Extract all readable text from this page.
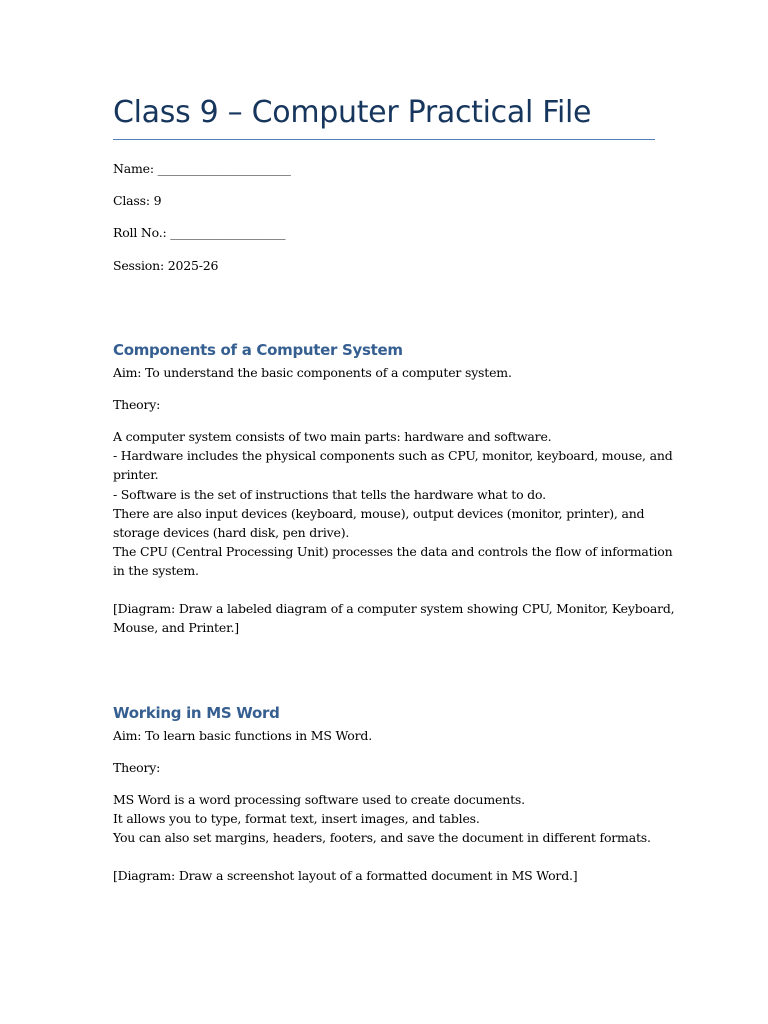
Class 9 – Computer Practical File
Name: ______________________
Class: 9
Roll No.: ___________________
Session: 2025-26
Components of a Computer System
Aim: To understand the basic components of a computer system.
Theory:
A computer system consists of two main parts: hardware and software.
- Hardware includes the physical components such as CPU, monitor, keyboard, mouse, and
printer.
- Software is the set of instructions that tells the hardware what to do.
There are also input devices (keyboard, mouse), output devices (monitor, printer), and
storage devices (hard disk, pen drive).
The CPU (Central Processing Unit) processes the data and controls the flow of information
in the system.
[Diagram: Draw a labeled diagram of a computer system showing CPU, Monitor, Keyboard,
Mouse, and Printer.]
Working in MS Word
Aim: To learn basic functions in MS Word.
Theory:
MS Word is a word processing software used to create documents.
It allows you to type, format text, insert images, and tables.
You can also set margins, headers, footers, and save the document in different formats.
[Diagram: Draw a screenshot layout of a formatted document in MS Word.]
